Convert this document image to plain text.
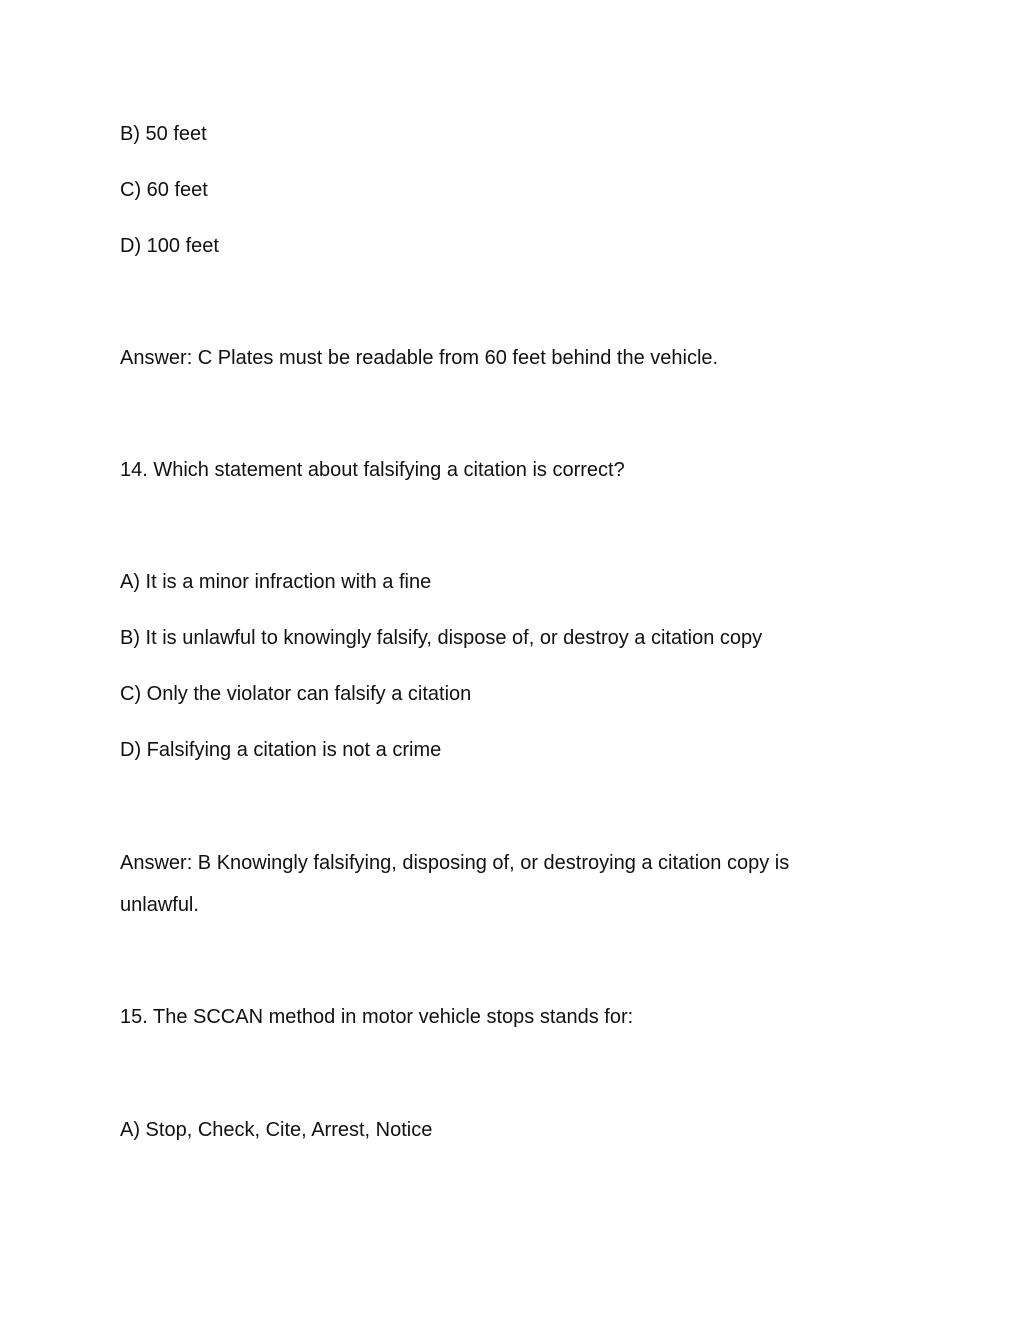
B) 50 feet
C) 60 feet
D) 100 feet
Answer: C Plates must be readable from 60 feet behind the vehicle.
14. Which statement about falsifying a citation is correct?
A) It is a minor infraction with a fine
B) It is unlawful to knowingly falsify, dispose of, or destroy a citation copy
C) Only the violator can falsify a citation
D) Falsifying a citation is not a crime
Answer: B Knowingly falsifying, disposing of, or destroying a citation copy is
unlawful.
15. The SCCAN method in motor vehicle stops stands for:
A) Stop, Check, Cite, Arrest, Notice
